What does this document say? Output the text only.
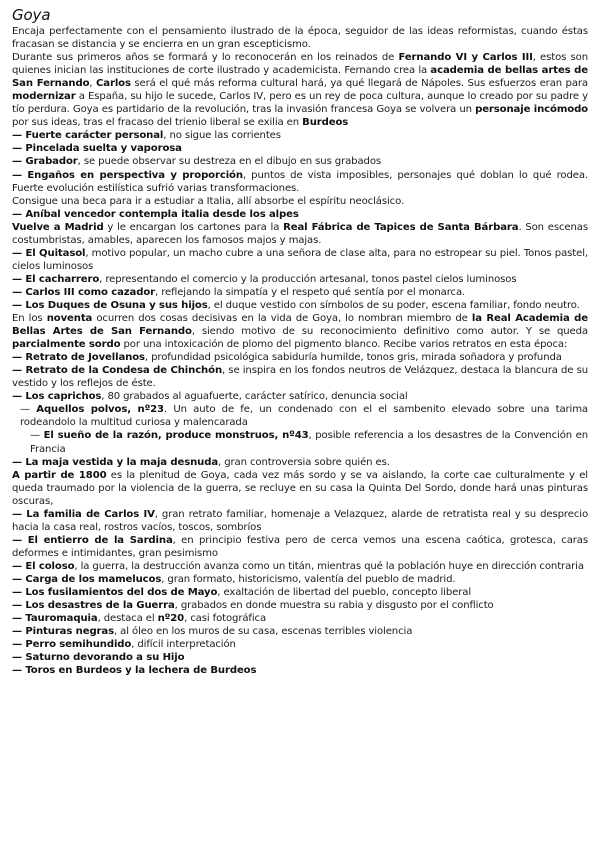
Goya

Encaja perfectamente con el pensamiento ilustrado de la época, seguidor de las ideas reformistas, cuando éstas fracasan se distancia y se encierra en un gran escepticismo.

Durante sus primeros años se formará y lo reconocerán en los reinados de Fernando VI y Carlos III, estos son quienes inician las instituciones de corte ilustrado y academicista. Fernando crea la academia de bellas artes de San Fernando, Carlos será el qué más reforma cultural hará, ya qué llegará de Nápoles. Sus esfuerzos eran para modernizar a España, su hijo le sucede, Carlos IV, pero es un rey de poca cultura, aunque lo creado por su padre y tío perdura. Goya es partidario de la revolución, tras la invasión francesa Goya se volvera un personaje incómodo por sus ideas, tras el fracaso del trienio liberal se exilia en Burdeos

— Fuerte carácter personal, no sigue las corrientes

— Pincelada suelta y vaporosa

— Grabador, se puede observar su destreza en el dibujo en sus grabados

— Engaños en perspectiva y proporción, puntos de vista imposibles, personajes qué doblan lo qué rodea. Fuerte evolución estilística sufrió varias transformaciones.

Consigue una beca para ir a estudiar a Italia, allí absorbe el espíritu neoclásico.

— Aníbal vencedor contempla italia desde los alpes

Vuelve a Madrid y le encargan los cartones para la Real Fábrica de Tapices de Santa Bárbara. Son escenas costumbristas, amables, aparecen los famosos majos y majas.

— El Quitasol, motivo popular, un macho cubre a una señora de clase alta, para no estropear su piel. Tonos pastel, cielos luminosos

— El cacharrero, representando el comercio y la producción artesanal, tonos pastel cielos luminosos

— Carlos III como cazador, reflejando la simpatía y el respeto qué sentía por el monarca.

— Los Duques de Osuna y sus hijos, el duque vestido con símbolos de su poder, escena familiar, fondo neutro.

En los noventa ocurren dos cosas decisivas en la vida de Goya, lo nombran miembro de la Real Academia de Bellas Artes de San Fernando, siendo motivo de su reconocimiento definitivo como autor. Y se queda parcialmente sordo por una intoxicación de plomo del pigmento blanco. Recibe varios retratos en esta época:

— Retrato de Jovellanos, profundidad psicológica sabiduría humilde, tonos gris, mirada soñadora y profunda

— Retrato de la Condesa de Chinchón, se inspira en los fondos neutros de Velázquez, destaca la blancura de su vestido y los reflejos de éste.

— Los caprichos, 80 grabados al aguafuerte, carácter satírico, denuncia social

— Aquellos polvos, nº23. Un auto de fe, un condenado con el el sambenito elevado sobre una tarima rodeandolo la multitud curiosa y malencarada

— El sueño de la razón, produce monstruos, nº43, posible referencia a los desastres de la Convención en Francia

— La maja vestida y la maja desnuda, gran controversia sobre quién es.

A partir de 1800 es la plenitud de Goya, cada vez más sordo y se va aislando, la corte cae culturalmente y el queda traumado por la violencia de la guerra, se recluye en su casa la Quinta Del Sordo, donde hará unas pinturas oscuras,

— La familia de Carlos IV, gran retrato familiar, homenaje a Velazquez, alarde de retratista real y su desprecio hacia la casa real, rostros vacíos, toscos, sombríos

— El entierro de la Sardina, en principio festiva pero de cerca vemos una escena caótica, grotesca, caras deformes e intimidantes, gran pesimismo

— El coloso, la guerra, la destrucción avanza como un titán, mientras qué la población huye en dirección contraria

— Carga de los mamelucos, gran formato, historicismo, valentía del pueblo de madrid.

— Los fusilamientos del dos de Mayo, exaltación de libertad del pueblo, concepto liberal

— Los desastres de la Guerra, grabados en donde muestra su rabia y disgusto por el conflicto

— Tauromaquia, destaca el nº20, casi fotográfica

— Pinturas negras, al óleo en los muros de su casa, escenas terribles violencia

— Perro semihundido, difícil interpretación

— Saturno devorando a su Hijo

— Toros en Burdeos y la lechera de Burdeos
